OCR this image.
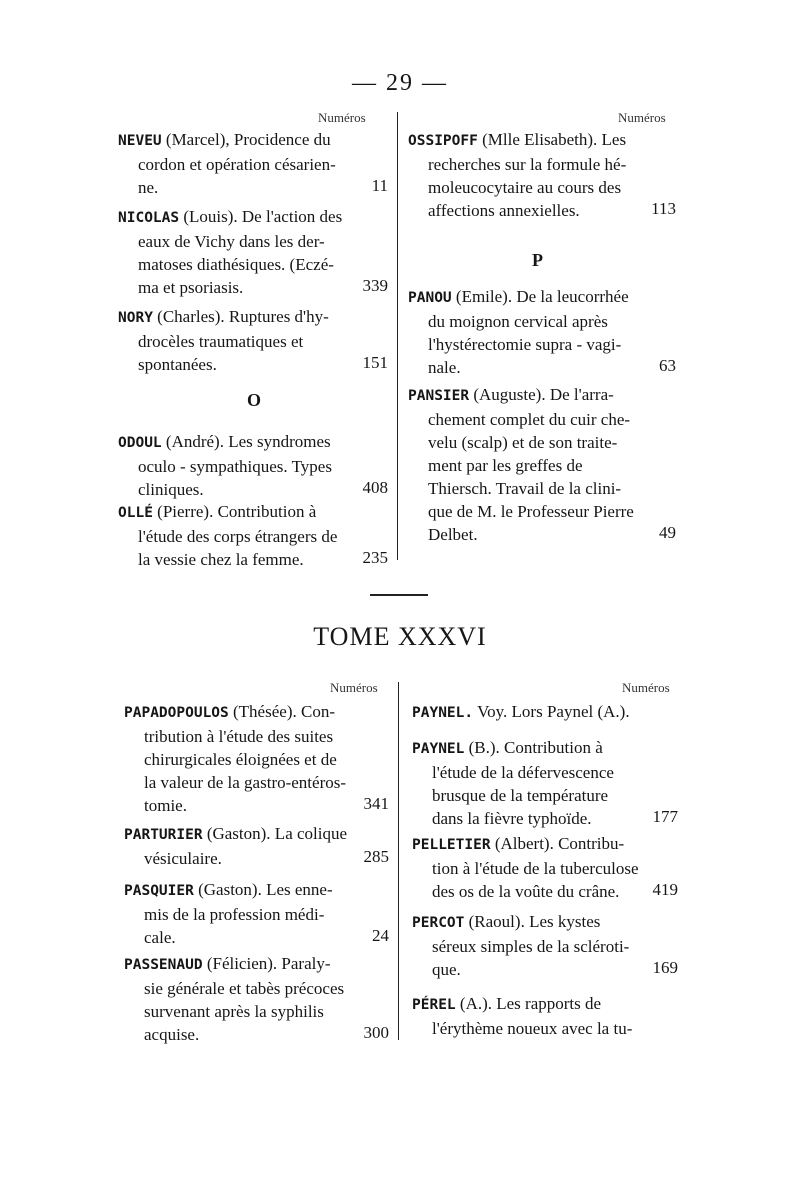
— 29 —
Numéros	Numéros
NEVEU (Marcel), Procidence du
cordon et opération césarien-
ne.	11
NICOLAS (Louis). De l'action des
eaux de Vichy dans les der-
matoses diathésiques. (Eczé-
ma et psoriasis.	339
NORY (Charles). Ruptures d'hy-
drocèles traumatiques et
spontanées.	151
ODOUL (André). Les syndromes
oculo - sympathiques. Types
cliniques.	408
OLLÉ (Pierre). Contribution à
l'étude des corps étrangers de
la vessie chez la femme.	235
OSSIPOFF (Mlle Elisabeth). Les
recherches sur la formule hé-
moleucocytaire au cours des
affections annexielles.	113
PANOU (Emile). De la leucorrhée
du moignon cervical après
l'hystérectomie supra - vagi-
nale.	63
PANSIER (Auguste). De l'arra-
chement complet du cuir che-
velu (scalp) et de son traite-
ment par les greffes de
Thiersch. Travail de la clini-
que de M. le Professeur Pierre
Delbet.	49
O
P
TOME XXXVI
Numéros	Numéros
PAPADOPOULOS (Thésée). Con-
tribution à l'étude des suites
chirurgicales éloignées et de
la valeur de la gastro-entéros-
tomie.	341
PARTURIER (Gaston). La colique
vésiculaire.	285
PASQUIER (Gaston). Les enne-
mis de la profession médi-
cale.	24
PASSENAUD (Félicien). Paraly-
sie générale et tabès précoces
survenant après la syphilis
acquise.	300
PAYNEL. Voy. Lors Paynel (A.).
PAYNEL (B.). Contribution à
l'étude de la défervescence
brusque de la température
dans la fièvre typhoïde.	177
PELLETIER (Albert). Contribu-
tion à l'étude de la tuberculose
des os de la voûte du crâne.	419
PERCOT (Raoul). Les kystes
séreux simples de la scléroti-
que.	169
PÉREL (A.). Les rapports de
l'érythème noueux avec la tu-
